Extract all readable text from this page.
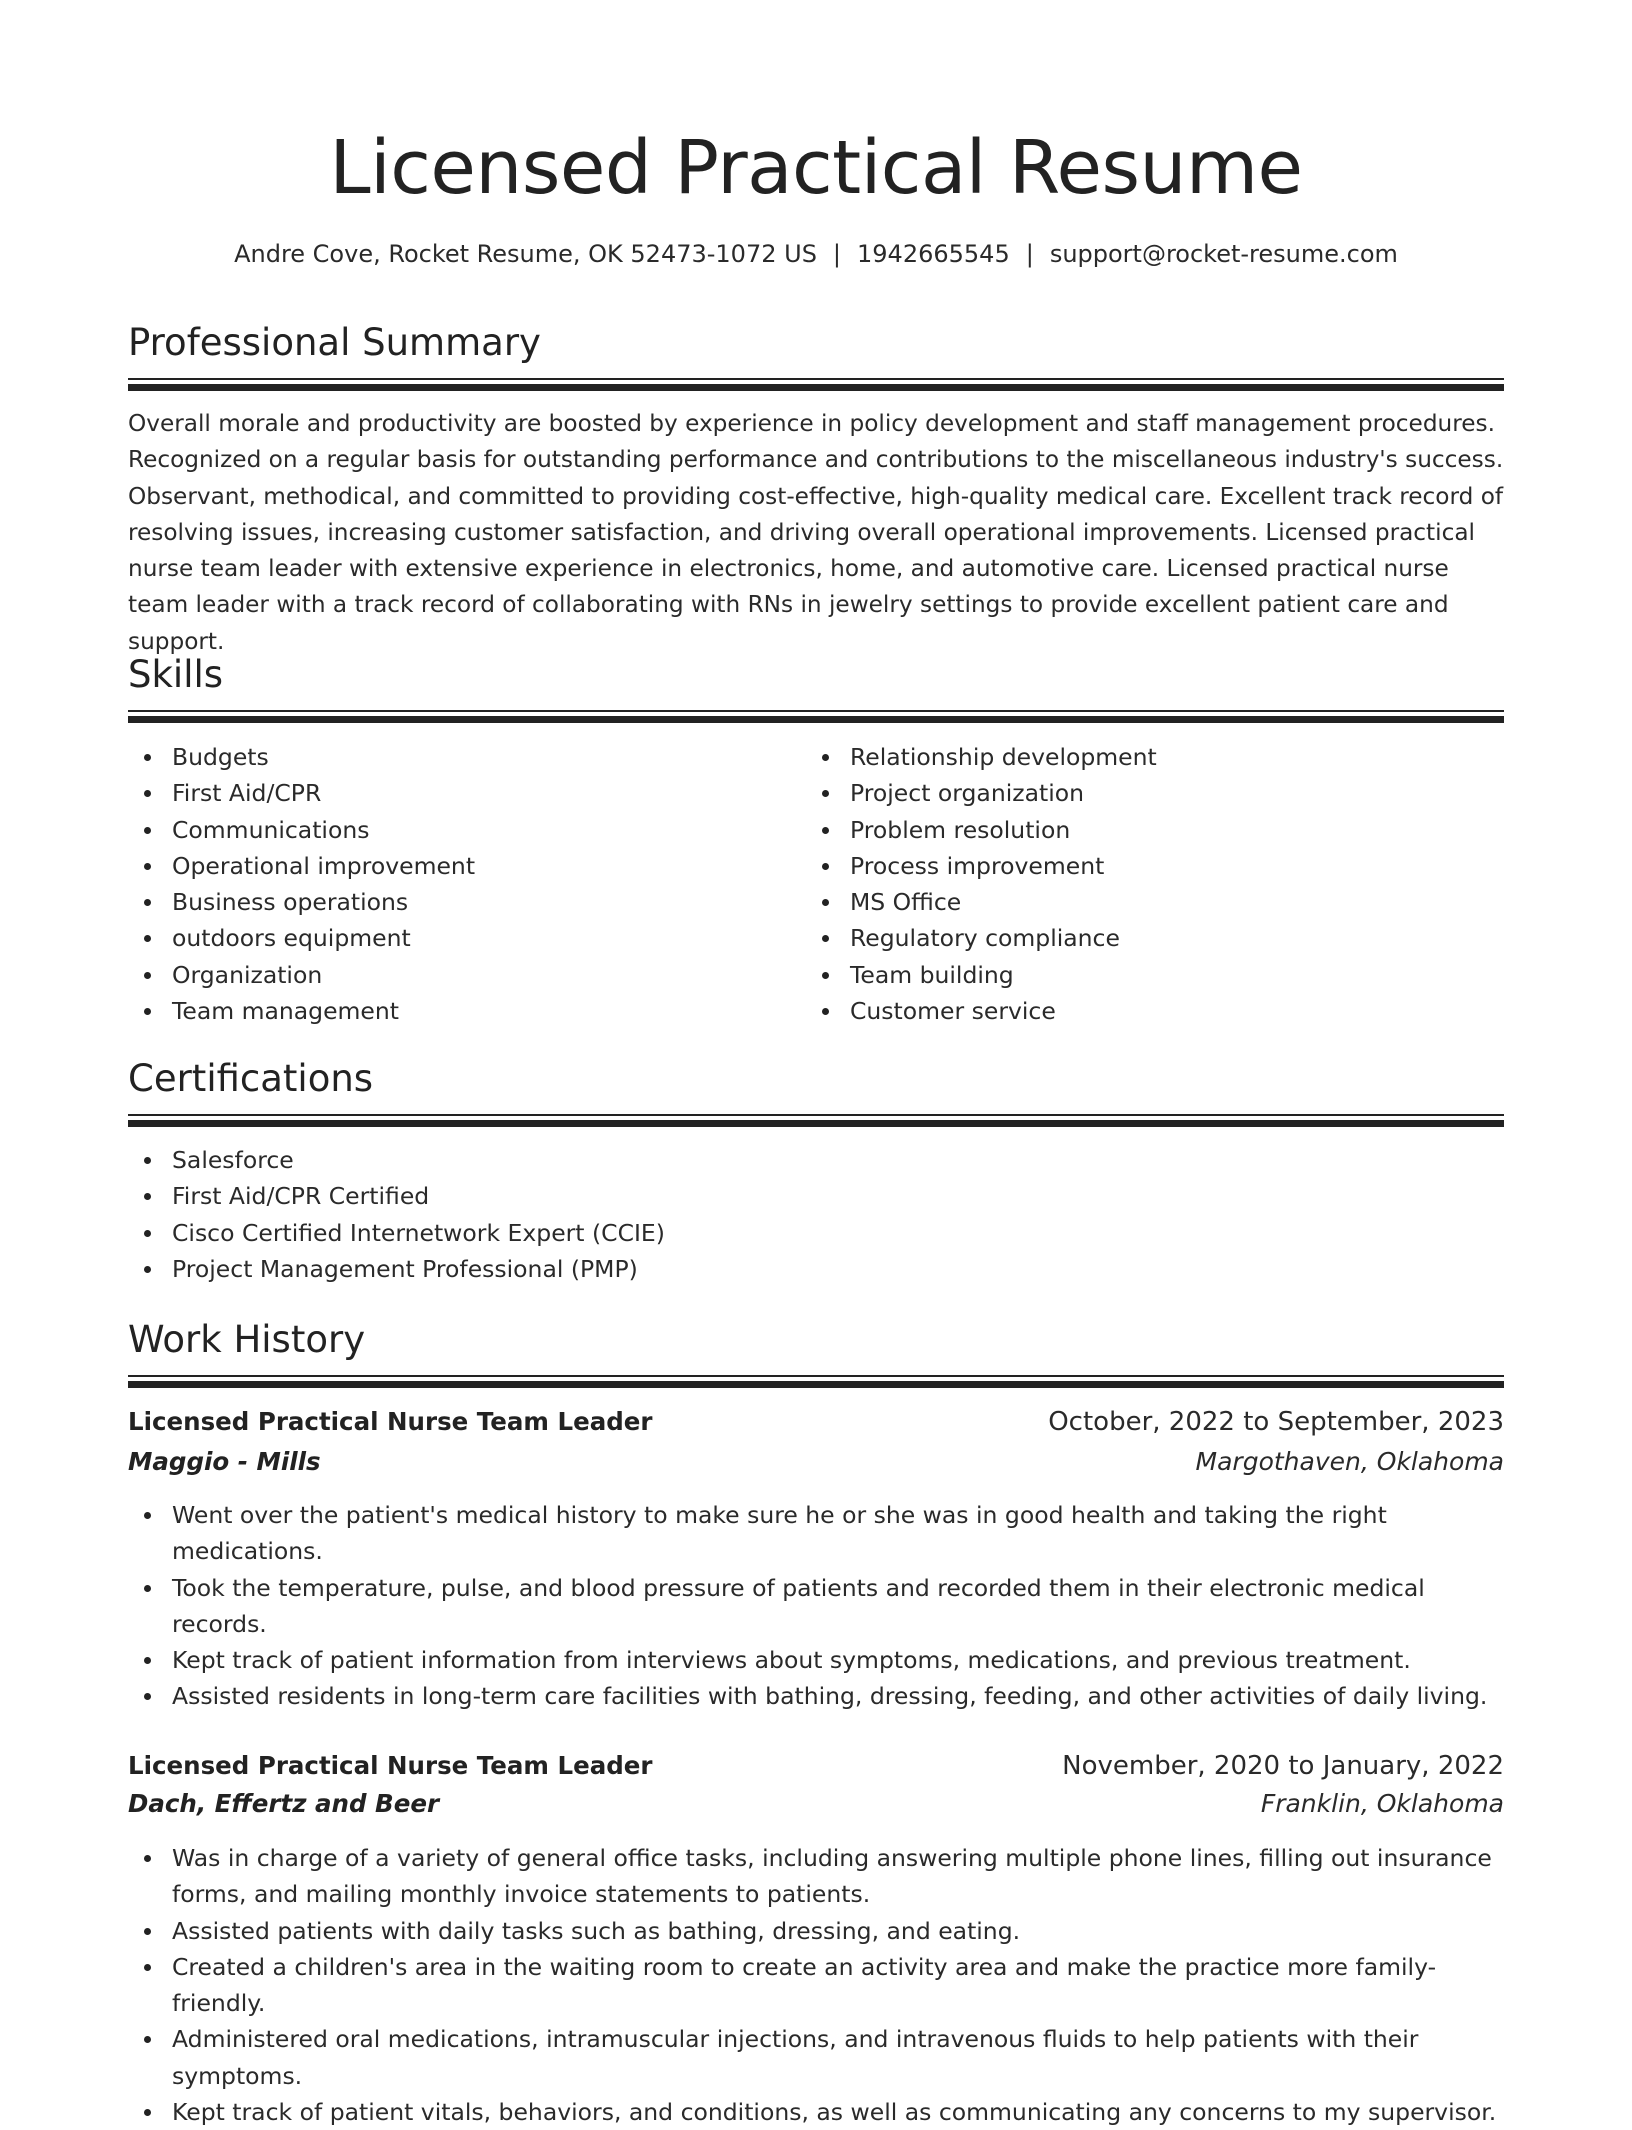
Licensed Practical Resume
Andre Cove, Rocket Resume, OK 52473-1072 US | 1942665545 | support@rocket-resume.com
Professional Summary
Overall morale and productivity are boosted by experience in policy development and staff management procedures. Recognized on a regular basis for outstanding performance and contributions to the miscellaneous industry's success. Observant, methodical, and committed to providing cost-effective, high-quality medical care. Excellent track record of resolving issues, increasing customer satisfaction, and driving overall operational improvements. Licensed practical nurse team leader with extensive experience in electronics, home, and automotive care. Licensed practical nurse team leader with a track record of collaborating with RNs in jewelry settings to provide excellent patient care and support.
Skills
Budgets
First Aid/CPR
Communications
Operational improvement
Business operations
outdoors equipment
Organization
Team management
Relationship development
Project organization
Problem resolution
Process improvement
MS Office
Regulatory compliance
Team building
Customer service
Certifications
Salesforce
First Aid/CPR Certified
Cisco Certified Internetwork Expert (CCIE)
Project Management Professional (PMP)
Work History
Licensed Practical Nurse Team Leader	October, 2022 to September, 2023
Maggio - Mills	Margothaven, Oklahoma
Went over the patient's medical history to make sure he or she was in good health and taking the right medications.
Took the temperature, pulse, and blood pressure of patients and recorded them in their electronic medical records.
Kept track of patient information from interviews about symptoms, medications, and previous treatment.
Assisted residents in long-term care facilities with bathing, dressing, feeding, and other activities of daily living.
Licensed Practical Nurse Team Leader	November, 2020 to January, 2022
Dach, Effertz and Beer	Franklin, Oklahoma
Was in charge of a variety of general office tasks, including answering multiple phone lines, filling out insurance forms, and mailing monthly invoice statements to patients.
Assisted patients with daily tasks such as bathing, dressing, and eating.
Created a children's area in the waiting room to create an activity area and make the practice more family-friendly.
Administered oral medications, intramuscular injections, and intravenous fluids to help patients with their symptoms.
Kept track of patient vitals, behaviors, and conditions, as well as communicating any concerns to my supervisor.
